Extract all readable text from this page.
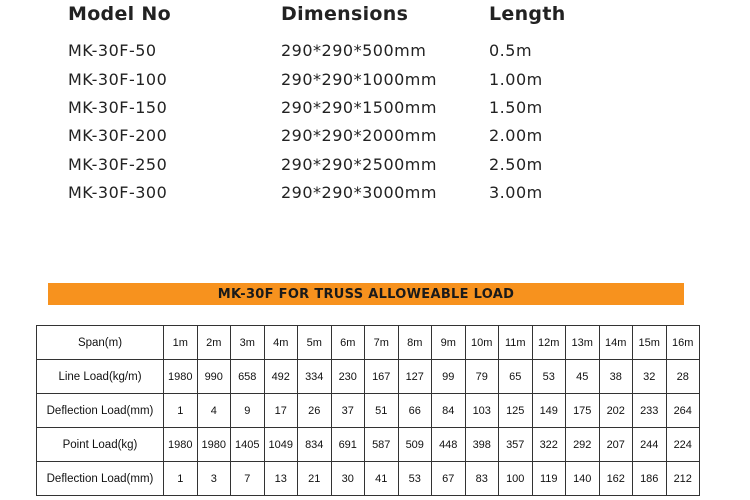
Model No	Dimensions	Length
MK-30F-50	290*290*500mm	0.5m
MK-30F-100	290*290*1000mm	1.00m
MK-30F-150	290*290*1500mm	1.50m
MK-30F-200	290*290*2000mm	2.00m
MK-30F-250	290*290*2500mm	2.50m
MK-30F-300	290*290*3000mm	3.00m
MK-30F FOR TRUSS ALLOWEABLE LOAD
Span(m)	1m	2m	3m	4m	5m	6m	7m	8m	9m	10m	11m	12m	13m	14m	15m	16m
Line Load(kg/m)	1980	990	658	492	334	230	167	127	99	79	65	53	45	38	32	28
Deflection Load(mm)	1	4	9	17	26	37	51	66	84	103	125	149	175	202	233	264
Point Load(kg)	1980	1980	1405	1049	834	691	587	509	448	398	357	322	292	207	244	224
Deflection Load(mm)	1	3	7	13	21	30	41	53	67	83	100	119	140	162	186	212
